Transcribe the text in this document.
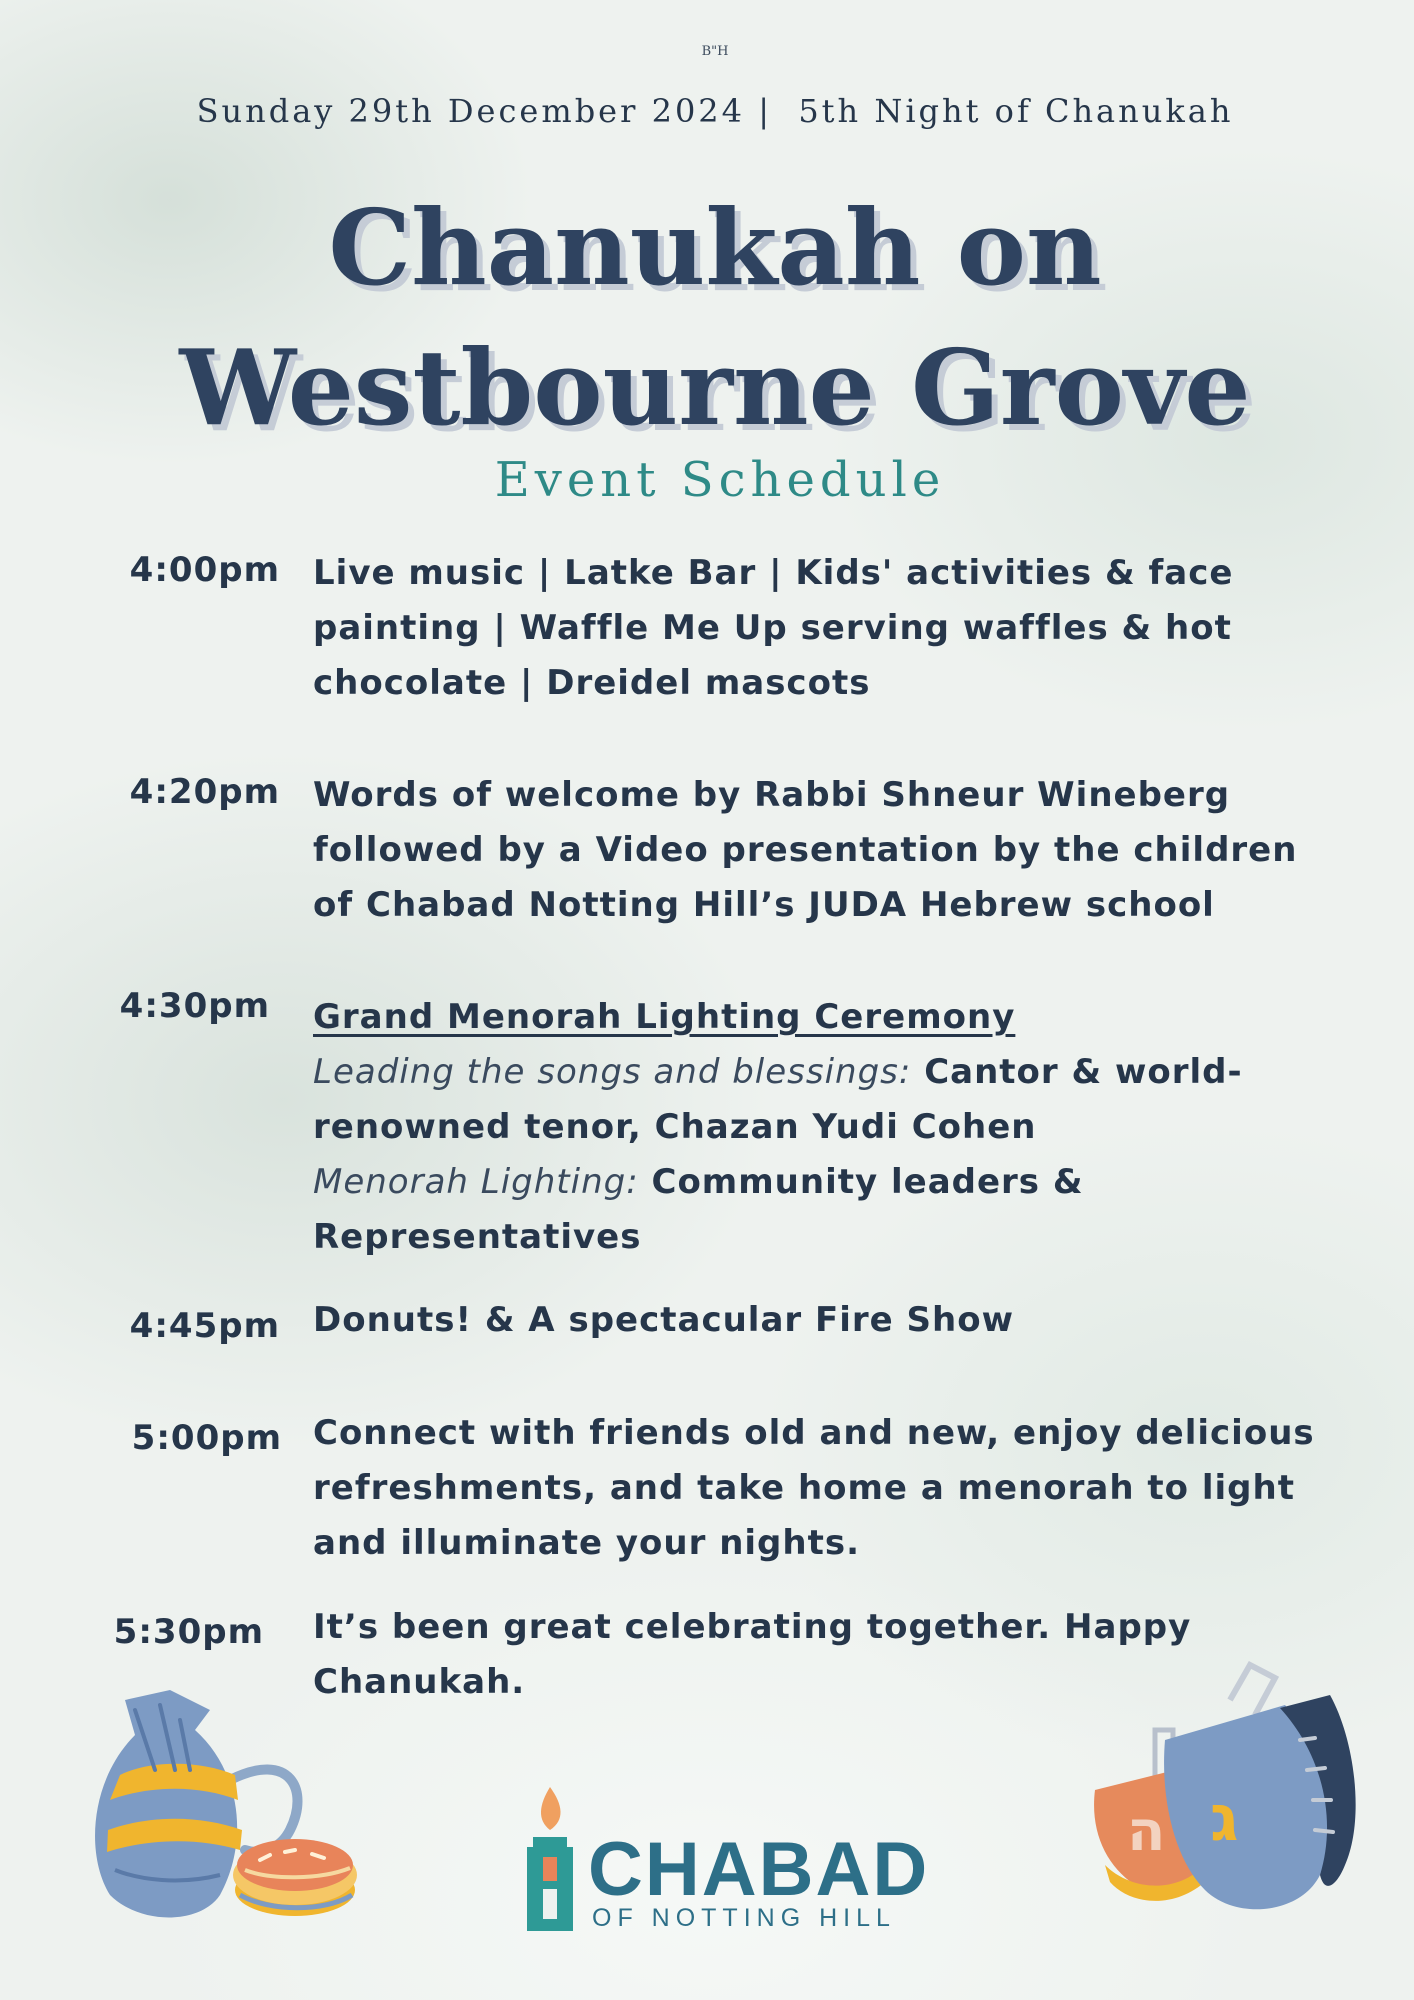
B"H
Sunday 29th December 2024 |  5th Night of Chanukah
Chanukah on
Westbourne Grove
Event Schedule
4:00pm Live music | Latke Bar | Kids' activities & face
painting | Waffle Me Up serving waffles & hot
chocolate | Dreidel mascots
4:20pm Words of welcome by Rabbi Shneur Wineberg
followed by a Video presentation by the children
of Chabad Notting Hill’s JUDA Hebrew school
4:30pm Grand Menorah Lighting Ceremony
Leading the songs and blessings: Cantor & world-
renowned tenor, Chazan Yudi Cohen
Menorah Lighting: Community leaders &
Representatives
4:45pm Donuts! & A spectacular Fire Show
5:00pm Connect with friends old and new, enjoy delicious
refreshments, and take home a menorah to light
and illuminate your nights.
5:30pm It’s been great celebrating together. Happy
Chanukah.
ה ג
CHABAD
OF NOTTING HILL
